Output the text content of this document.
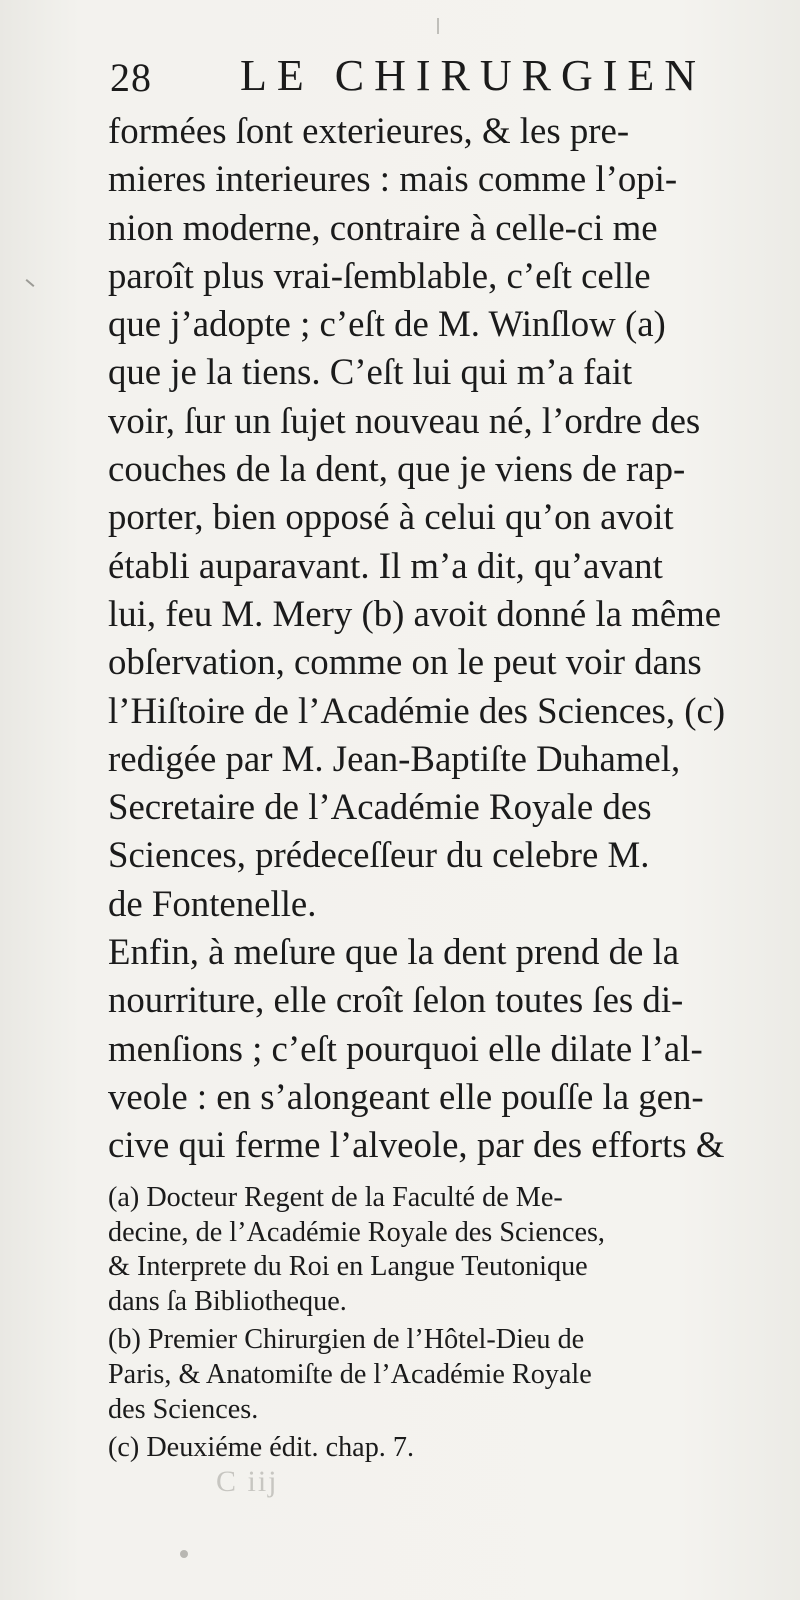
28 LE CHIRURGIEN
formées ſont exterieures, & les pre-
mieres interieures : mais comme l’opi-
nion moderne, contraire à celle-ci me
paroît plus vrai-ſemblable, c’eſt celle
que j’adopte ; c’eſt de M. Winſlow (a)
que je la tiens. C’eſt lui qui m’a fait
voir, ſur un ſujet nouveau né, l’ordre des
couches de la dent, que je viens de rap-
porter, bien opposé à celui qu’on avoit
établi auparavant. Il m’a dit, qu’avant
lui, feu M. Mery (b) avoit donné la même
obſervation, comme on le peut voir dans
l’Hiſtoire de l’Académie des Sciences, (c)
redigée par M. Jean-Baptiſte Duhamel,
Secretaire de l’Académie Royale des
Sciences, prédeceſſeur du celebre M.
de Fontenelle.
Enfin, à meſure que la dent prend de la
nourriture, elle croît ſelon toutes ſes di-
menſions ; c’eſt pourquoi elle dilate l’al-
veole : en s’alongeant elle pouſſe la gen-
cive qui ferme l’alveole, par des efforts &
(a) Docteur Regent de la Faculté de Me-
decine, de l’Académie Royale des Sciences,
& Interprete du Roi en Langue Teutonique
dans ſa Bibliotheque.
(b) Premier Chirurgien de l’Hôtel-Dieu de
Paris, & Anatomiſte de l’Académie Royale
des Sciences.
(c) Deuxiéme édit. chap. 7.
C iij
